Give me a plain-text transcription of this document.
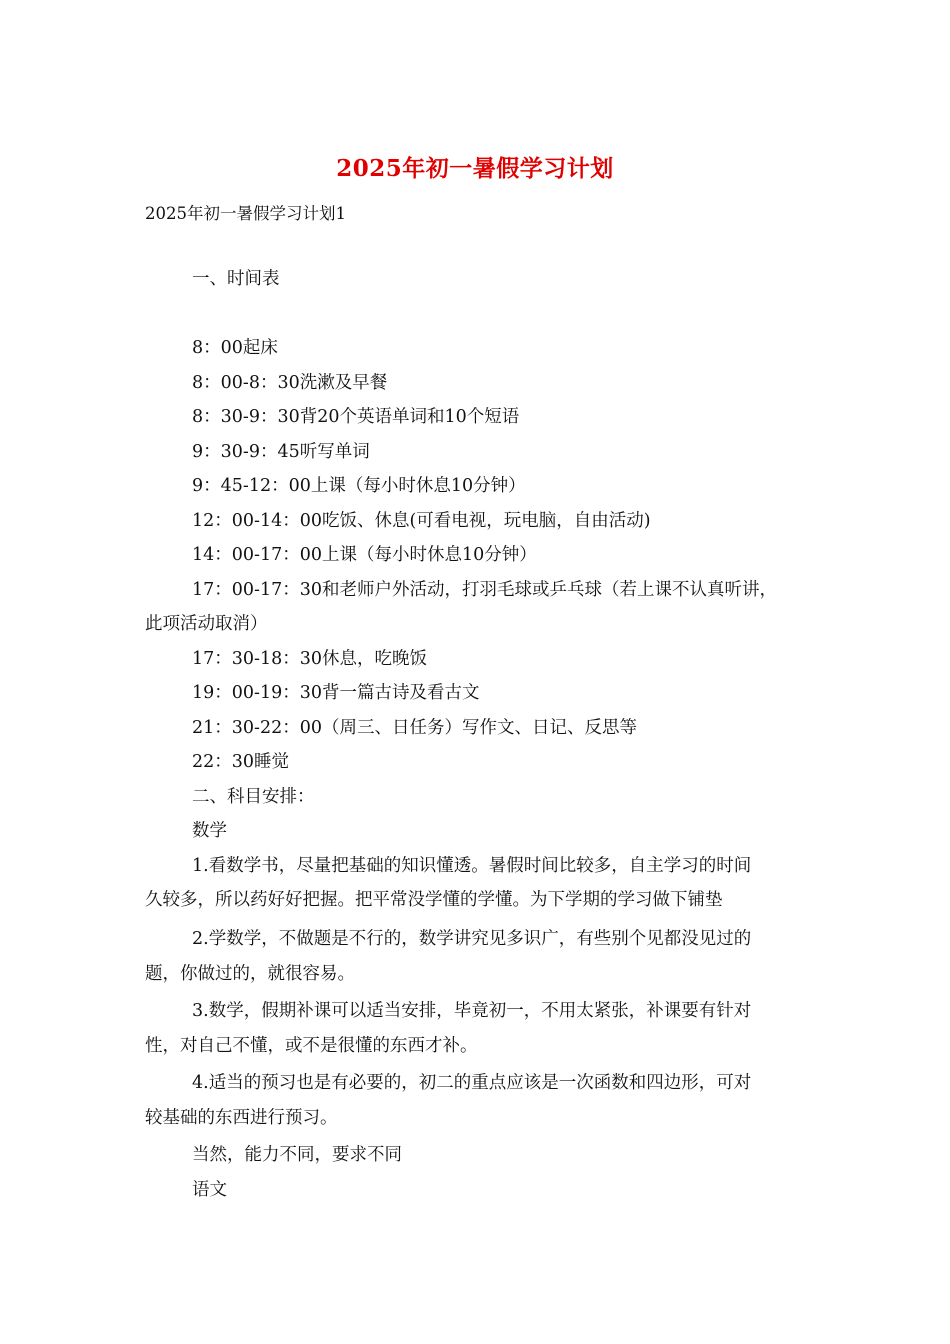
2025年初一暑假学习计划
2025年初一暑假学习计划1
一、时间表
8：00起床
8：00-8：30洗漱及早餐
8：30-9：30背20个英语单词和10个短语
9：30-9：45听写单词
9：45-12：00上课（每小时休息10分钟）
12：00-14：00吃饭、休息(可看电视，玩电脑，自由活动)
14：00-17：00上课（每小时休息10分钟）
17：00-17：30和老师户外活动，打羽毛球或乒乓球（若上课不认真听讲，
此项活动取消）
17：30-18：30休息，吃晚饭
19：00-19：30背一篇古诗及看古文
21：30-22：00（周三、日任务）写作文、日记、反思等
22：30睡觉
二、科目安排：
数学
1.看数学书，尽量把基础的知识懂透。暑假时间比较多，自主学习的时间
久较多，所以药好好把握。把平常没学懂的学懂。为下学期的学习做下铺垫
2.学数学，不做题是不行的，数学讲究见多识广，有些别个见都没见过的
题，你做过的，就很容易。
3.数学，假期补课可以适当安排，毕竟初一，不用太紧张，补课要有针对
性，对自己不懂，或不是很懂的东西才补。
4.适当的预习也是有必要的，初二的重点应该是一次函数和四边形，可对
较基础的东西进行预习。
当然，能力不同，要求不同
语文
